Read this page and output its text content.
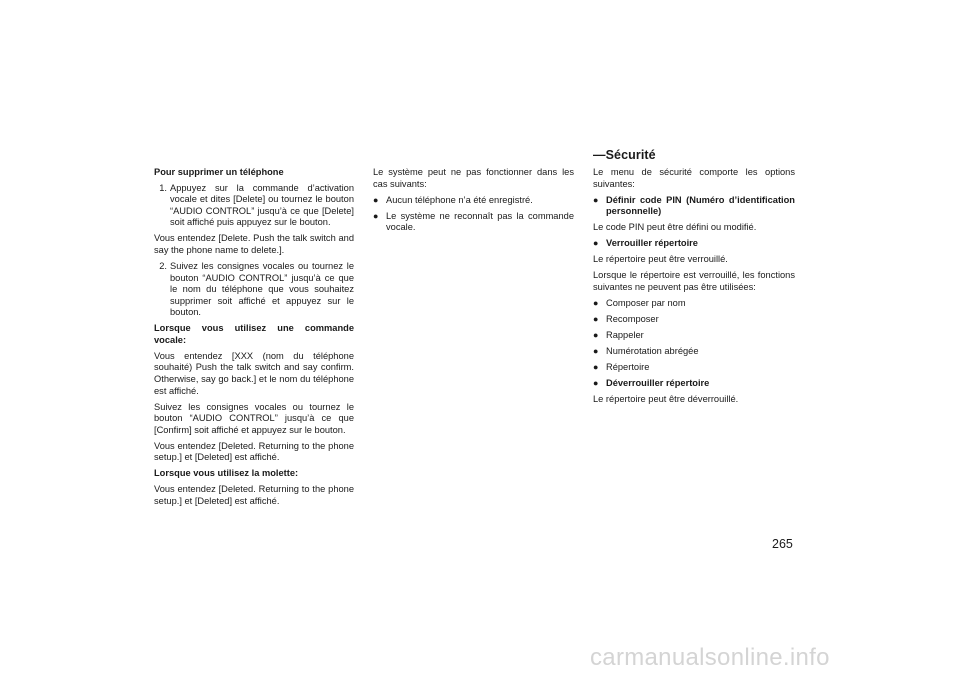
Pour supprimer un téléphone

1. Appuyez sur la commande d’activation vocale et dites [Delete] ou tournez le bouton “AUDIO CONTROL” jusqu’à ce que [Delete] soit affiché puis appuyez sur le bouton.

Vous entendez [Delete. Push the talk switch and say the phone name to delete.].

2. Suivez les consignes vocales ou tournez le bouton “AUDIO CONTROL” jusqu’à ce que le nom du téléphone que vous souhaitez supprimer soit affiché et appuyez sur le bouton.

Lorsque vous utilisez une commande vocale:

Vous entendez [XXX (nom du téléphone souhaité) Push the talk switch and say confirm. Otherwise, say go back.] et le nom du téléphone est affiché.

Suivez les consignes vocales ou tournez le bouton “AUDIO CONTROL” jusqu’à ce que [Confirm] soit affiché et appuyez sur le bouton.

Vous entendez [Deleted. Returning to the phone setup.] et [Deleted] est affiché.

Lorsque vous utilisez la molette:

Vous entendez [Deleted. Returning to the phone setup.] et [Deleted] est affiché.

Le système peut ne pas fonctionner dans les cas suivants:

● Aucun téléphone n’a été enregistré.
● Le système ne reconnaît pas la commande vocale.
—Sécurité

Le menu de sécurité comporte les options suivantes:

● Définir code PIN (Numéro d’identification personnelle)

Le code PIN peut être défini ou modifié.

● Verrouiller répertoire

Le répertoire peut être verrouillé.

Lorsque le répertoire est verrouillé, les fonctions suivantes ne peuvent pas être utilisées:

● Composer par nom
● Recomposer
● Rappeler
● Numérotation abrégée
● Répertoire
● Déverrouiller répertoire

Le répertoire peut être déverrouillé.

265
carmanualsonline.info
